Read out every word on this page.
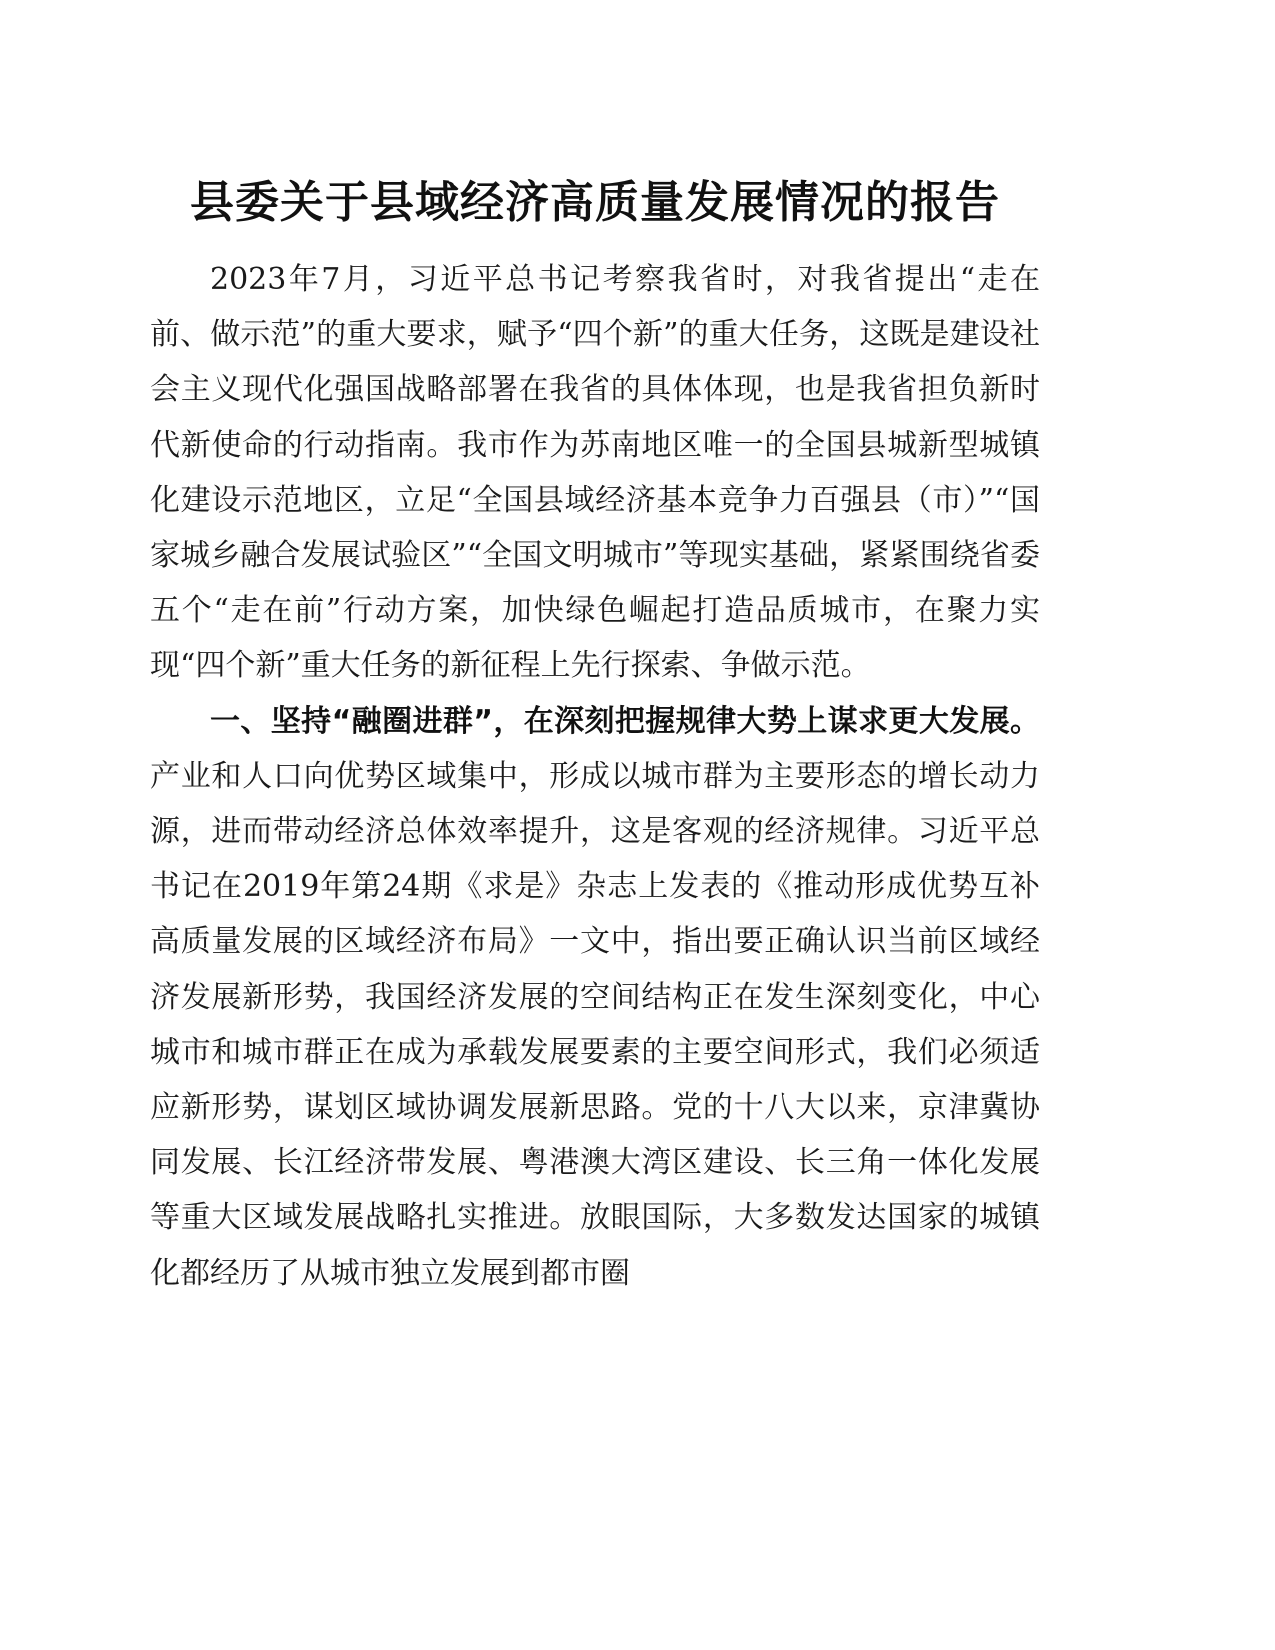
县委关于县域经济高质量发展情况的报告

2023年7月，习近平总书记考察我省时，对我省提出“走在前、做示范”的重大要求，赋予“四个新”的重大任务，这既是建设社会主义现代化强国战略部署在我省的具体体现，也是我省担负新时代新使命的行动指南。我市作为苏南地区唯一的全国县城新型城镇化建设示范地区，立足“全国县域经济基本竞争力百强县（市）”“国家城乡融合发展试验区”“全国文明城市”等现实基础，紧紧围绕省委五个“走在前”行动方案，加快绿色崛起打造品质城市，在聚力实现“四个新”重大任务的新征程上先行探索、争做示范。

一、坚持“融圈进群”，在深刻把握规律大势上谋求更大发展。产业和人口向优势区域集中，形成以城市群为主要形态的增长动力源，进而带动经济总体效率提升，这是客观的经济规律。习近平总书记在2019年第24期《求是》杂志上发表的《推动形成优势互补高质量发展的区域经济布局》一文中，指出要正确认识当前区域经济发展新形势，我国经济发展的空间结构正在发生深刻变化，中心城市和城市群正在成为承载发展要素的主要空间形式，我们必须适应新形势，谋划区域协调发展新思路。党的十八大以来，京津冀协同发展、长江经济带发展、粤港澳大湾区建设、长三角一体化发展等重大区域发展战略扎实推进。放眼国际，大多数发达国家的城镇化都经历了从城市独立发展到都市圈
